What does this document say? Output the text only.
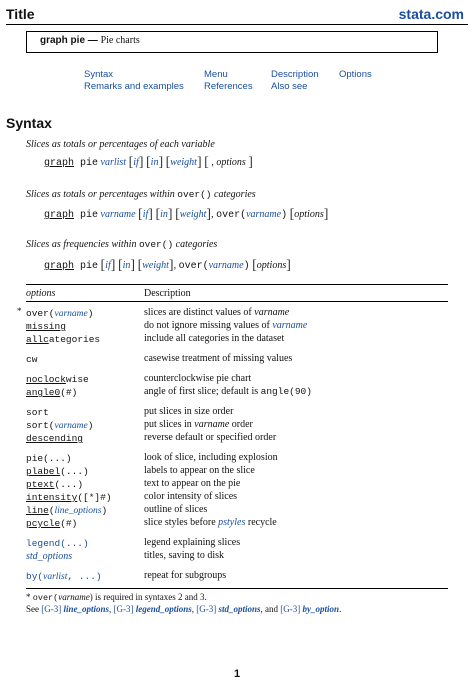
Title	stata.com
graph pie — Pie charts
Syntax	Menu	Description Options
Remarks and examples References Also see
Syntax
Slices as totals or percentages of each variable
graph pie varlist [if] [in] [weight] [ , options ]
Slices as totals or percentages within over() categories
graph pie varname [if] [in] [weight], over(varname) [options]
Slices as frequencies within over() categories
graph pie [if] [in] [weight], over(varname) [options]
options	Description
* over(varname)	slices are distinct values of varname
missing	do not ignore missing values of varname
allcategories	include all categories in the dataset
cw	casewise treatment of missing values
noclockwise	counterclockwise pie chart
angle0(#)	angle of first slice; default is angle(90)
sort	put slices in size order
sort(varname)	put slices in varname order
descending	reverse default or specified order
pie(...)	look of slice, including explosion
plabel(...)	labels to appear on the slice
ptext(...)	text to appear on the pie
intensity([*]#)	color intensity of slices
line(line_options)	outline of slices
pcycle(#)	slice styles before pstyles recycle
legend(...)	legend explaining slices
std_options	titles, saving to disk
by(varlist, ...)	repeat for subgroups
* over(varname) is required in syntaxes 2 and 3.
See [G-3] line_options, [G-3] legend_options, [G-3] std_options, and [G-3] by_option.
1
